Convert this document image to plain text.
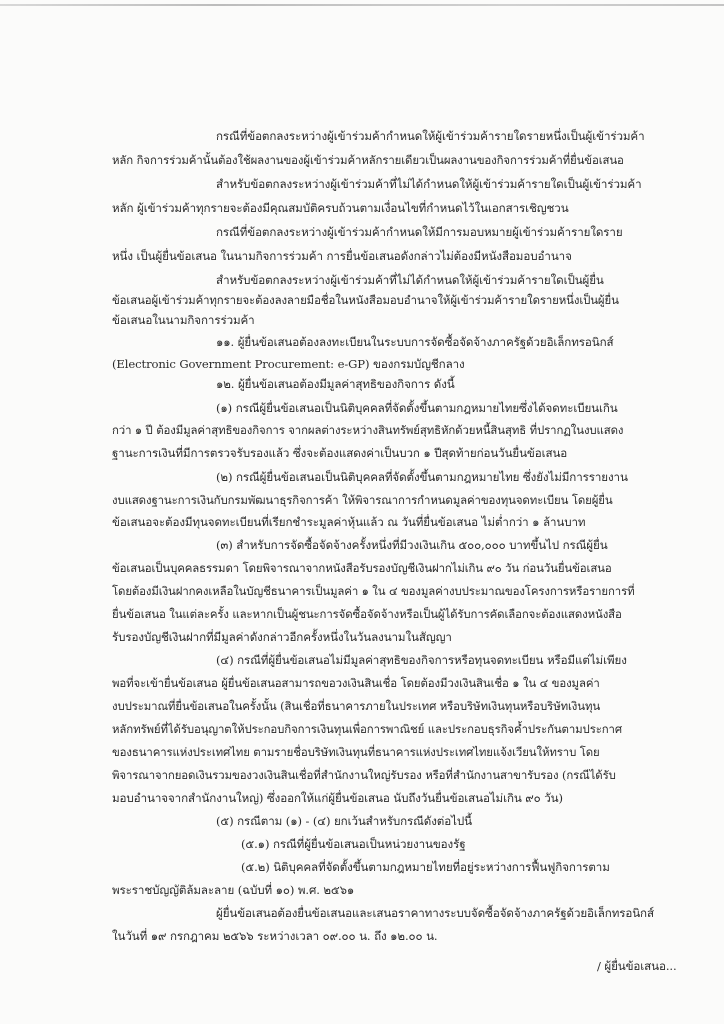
กรณีที่ข้อตกลงระหว่างผู้เข้าร่วมค้ากำหนดให้ผู้เข้าร่วมค้ารายใดรายหนึ่งเป็นผู้เข้าร่วมค้า
หลัก กิจการร่วมค้านั้นต้องใช้ผลงานของผู้เข้าร่วมค้าหลักรายเดียวเป็นผลงานของกิจการร่วมค้าที่ยื่นข้อเสนอ
สำหรับข้อตกลงระหว่างผู้เข้าร่วมค้าที่ไม่ได้กำหนดให้ผู้เข้าร่วมค้ารายใดเป็นผู้เข้าร่วมค้า
หลัก ผู้เข้าร่วมค้าทุกรายจะต้องมีคุณสมบัติครบถ้วนตามเงื่อนไขที่กำหนดไว้ในเอกสารเชิญชวน
กรณีที่ข้อตกลงระหว่างผู้เข้าร่วมค้ากำหนดให้มีการมอบหมายผู้เข้าร่วมค้ารายใดราย
หนึ่ง เป็นผู้ยื่นข้อเสนอ ในนามกิจการร่วมค้า การยื่นข้อเสนอดังกล่าวไม่ต้องมีหนังสือมอบอำนาจ
สำหรับข้อตกลงระหว่างผู้เข้าร่วมค้าที่ไม่ได้กำหนดให้ผู้เข้าร่วมค้ารายใดเป็นผู้ยื่น
ข้อเสนอผู้เข้าร่วมค้าทุกรายจะต้องลงลายมือชื่อในหนังสือมอบอำนาจให้ผู้เข้าร่วมค้ารายใดรายหนึ่งเป็นผู้ยื่น
ข้อเสนอในนามกิจการร่วมค้า
๑๑. ผู้ยื่นข้อเสนอต้องลงทะเบียนในระบบการจัดซื้อจัดจ้างภาครัฐด้วยอิเล็กทรอนิกส์
(Electronic Government Procurement: e-GP) ของกรมบัญชีกลาง
๑๒. ผู้ยื่นข้อเสนอต้องมีมูลค่าสุทธิของกิจการ ดังนี้
(๑) กรณีผู้ยื่นข้อเสนอเป็นนิติบุคคลที่จัดตั้งขึ้นตามกฎหมายไทยซึ่งได้จดทะเบียนเกิน
กว่า ๑ ปี ต้องมีมูลค่าสุทธิของกิจการ จากผลต่างระหว่างสินทรัพย์สุทธิหักด้วยหนี้สินสุทธิ ที่ปรากฏในงบแสดง
ฐานะการเงินที่มีการตรวจรับรองแล้ว ซึ่งจะต้องแสดงค่าเป็นบวก ๑ ปีสุดท้ายก่อนวันยื่นข้อเสนอ
(๒) กรณีผู้ยื่นข้อเสนอเป็นนิติบุคคลที่จัดตั้งขึ้นตามกฎหมายไทย ซึ่งยังไม่มีการรายงาน
งบแสดงฐานะการเงินกับกรมพัฒนาธุรกิจการค้า ให้พิจารณาการกำหนดมูลค่าของทุนจดทะเบียน โดยผู้ยื่น
ข้อเสนอจะต้องมีทุนจดทะเบียนที่เรียกชำระมูลค่าหุ้นแล้ว ณ วันที่ยื่นข้อเสนอ ไม่ต่ำกว่า ๑ ล้านบาท
(๓) สำหรับการจัดซื้อจัดจ้างครั้งหนึ่งที่มีวงเงินเกิน ๕๐๐,๐๐๐ บาทขึ้นไป กรณีผู้ยื่น
ข้อเสนอเป็นบุคคลธรรมดา โดยพิจารณาจากหนังสือรับรองบัญชีเงินฝากไม่เกิน ๙๐ วัน ก่อนวันยื่นข้อเสนอ
โดยต้องมีเงินฝากคงเหลือในบัญชีธนาคารเป็นมูลค่า ๑ ใน ๔ ของมูลค่างบประมาณของโครงการหรือรายการที่
ยื่นข้อเสนอ ในแต่ละครั้ง และหากเป็นผู้ชนะการจัดซื้อจัดจ้างหรือเป็นผู้ได้รับการคัดเลือกจะต้องแสดงหนังสือ
รับรองบัญชีเงินฝากที่มีมูลค่าดังกล่าวอีกครั้งหนึ่งในวันลงนามในสัญญา
(๔) กรณีที่ผู้ยื่นข้อเสนอไม่มีมูลค่าสุทธิของกิจการหรือทุนจดทะเบียน หรือมีแต่ไม่เพียง
พอที่จะเข้ายื่นข้อเสนอ ผู้ยื่นข้อเสนอสามารถขอวงเงินสินเชื่อ โดยต้องมีวงเงินสินเชื่อ ๑ ใน ๔ ของมูลค่า
งบประมาณที่ยื่นข้อเสนอในครั้งนั้น (สินเชื่อที่ธนาคารภายในประเทศ หรือบริษัทเงินทุนหรือบริษัทเงินทุน
หลักทรัพย์ที่ได้รับอนุญาตให้ประกอบกิจการเงินทุนเพื่อการพาณิชย์ และประกอบธุรกิจค้ำประกันตามประกาศ
ของธนาคารแห่งประเทศไทย ตามรายชื่อบริษัทเงินทุนที่ธนาคารแห่งประเทศไทยแจ้งเวียนให้ทราบ โดย
พิจารณาจากยอดเงินรวมของวงเงินสินเชื่อที่สำนักงานใหญ่รับรอง หรือที่สำนักงานสาขารับรอง (กรณีได้รับ
มอบอำนาจจากสำนักงานใหญ่) ซึ่งออกให้แก่ผู้ยื่นข้อเสนอ นับถึงวันยื่นข้อเสนอไม่เกิน ๙๐ วัน)
(๕) กรณีตาม (๑) - (๔) ยกเว้นสำหรับกรณีดังต่อไปนี้
(๕.๑) กรณีที่ผู้ยื่นข้อเสนอเป็นหน่วยงานของรัฐ
(๕.๒) นิติบุคคลที่จัดตั้งขึ้นตามกฎหมายไทยที่อยู่ระหว่างการฟื้นฟูกิจการตาม
พระราชบัญญัติล้มละลาย (ฉบับที่ ๑๐) พ.ศ. ๒๕๖๑
ผู้ยื่นข้อเสนอต้องยื่นข้อเสนอและเสนอราคาทางระบบจัดซื้อจัดจ้างภาครัฐด้วยอิเล็กทรอนิกส์
ในวันที่ ๑๙ กรกฎาคม ๒๕๖๖ ระหว่างเวลา ๐๙.๐๐ น. ถึง ๑๒.๐๐ น.
/ ผู้ยื่นข้อเสนอ...
